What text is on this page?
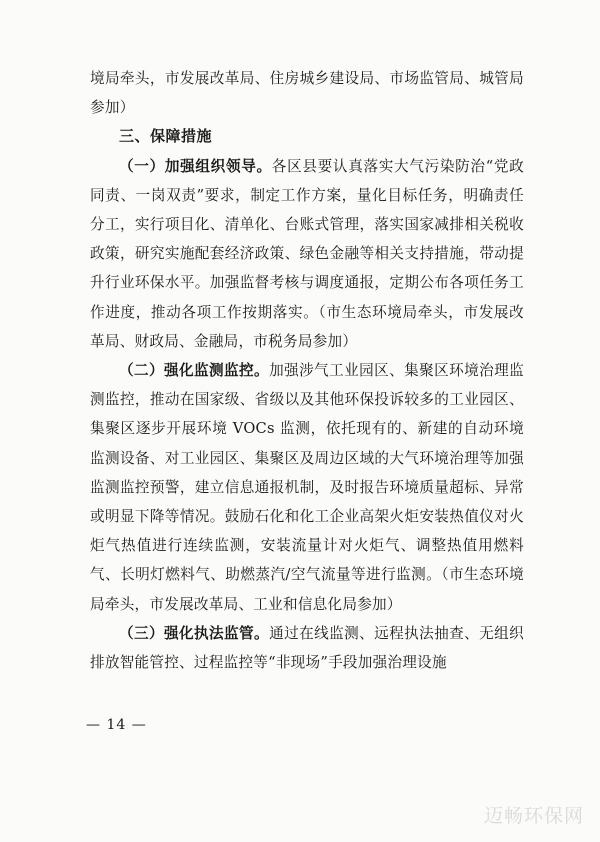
境局牵头，市发展改革局、住房城乡建设局、市场监管局、城管局参加）

三、保障措施

（一）加强组织领导。各区县要认真落实大气污染防治“党政同责、一岗双责”要求，制定工作方案，量化目标任务，明确责任分工，实行项目化、清单化、台账式管理，落实国家减排相关税收政策，研究实施配套经济政策、绿色金融等相关支持措施，带动提升行业环保水平。加强监督考核与调度通报，定期公布各项任务工作进度，推动各项工作按期落实。（市生态环境局牵头，市发展改革局、财政局、金融局，市税务局参加）

（二）强化监测监控。加强涉气工业园区、集聚区环境治理监测监控，推动在国家级、省级以及其他环保投诉较多的工业园区、集聚区逐步开展环境 VOCs 监测，依托现有的、新建的自动环境监测设备、对工业园区、集聚区及周边区域的大气环境治理等加强监测监控预警，建立信息通报机制，及时报告环境质量超标、异常或明显下降等情况。鼓励石化和化工企业高架火炬安装热值仪对火炬气热值进行连续监测，安装流量计对火炬气、调整热值用燃料气、长明灯燃料气、助燃蒸汽/空气流量等进行监测。（市生态环境局牵头，市发展改革局、工业和信息化局参加）

（三）强化执法监管。通过在线监测、远程执法抽查、无组织排放智能管控、过程监控等“非现场”手段加强治理设施

— 14 —
迈畅环保网
